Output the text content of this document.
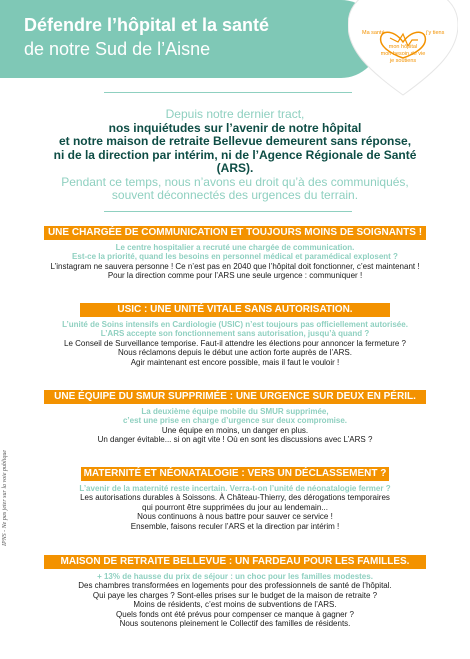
Défendre l’hôpital et la santé
de notre Sud de l’Aisne
Ma santé	j’y tiens
mon hôpital
mon besoin de vie
je soutiens
Depuis notre dernier tract,
nos inquiétudes sur l’avenir de notre hôpital
et notre maison de retraite Bellevue demeurent sans réponse,
ni de la direction par intérim, ni de l’Agence Régionale de Santé (ARS).
Pendant ce temps, nous n’avons eu droit qu’à des communiqués,
souvent déconnectés des urgences du terrain.
UNE CHARGÉE DE COMMUNICATION ET TOUJOURS MOINS DE SOIGNANTS !
Le centre hospitalier a recruté une chargée de communication.
Est-ce la priorité, quand les besoins en personnel médical et paramédical explosent ?
L’instagram ne sauvera personne ! Ce n’est pas en 2040 que l’hôpital doit fonctionner, c’est maintenant !
Pour la direction comme pour l’ARS une seule urgence : communiquer !
USIC : UNE UNITÉ VITALE SANS AUTORISATION.
L’unité de Soins intensifs en Cardiologie (USIC) n’est toujours pas officiellement autorisée.
L’ARS accepte son fonctionnement sans autorisation, jusqu’à quand ?
Le Conseil de Surveillance temporise. Faut-il attendre les élections pour annoncer la fermeture ?
Nous réclamons depuis le début une action forte auprès de l’ARS.
Agir maintenant est encore possible, mais il faut le vouloir !
UNE ÉQUIPE DU SMUR SUPPRIMÉE : UNE URGENCE SUR DEUX EN PÉRIL.
La deuxième équipe mobile du SMUR supprimée,
c’est une prise en charge d’urgence sur deux compromise.
Une équipe en moins, un danger en plus.
Un danger évitable... si on agit vite ! Où en sont les discussions avec L’ARS ?
MATERNITÉ ET NÉONATALOGIE : VERS UN DÉCLASSEMENT ?
L’avenir de la maternité reste incertain. Verra-t-on l’unité de néonatalogie fermer ?
Les autorisations durables à Soissons. À Château-Thierry, des dérogations temporaires
qui pourront être supprimées du jour au lendemain...
Nous continuons à nous battre pour sauver ce service !
Ensemble, faisons reculer l’ARS et la direction par intérim !
MAISON DE RETRAITE BELLEVUE : UN FARDEAU POUR LES FAMILLES.
+ 13% de hausse du prix de séjour : un choc pour les familles modestes.
Des chambres transformées en logements pour des professionnels de santé de l’hôpital.
Qui paye les charges ? Sont-elles prises sur le budget de la maison de retraite ?
Moins de résidents, c’est moins de subventions de l’ARS.
Quels fonds ont été prévus pour compenser ce manque à gagner ?
Nous soutenons pleinement le Collectif des familles de résidents.
IPNS - Ne pas jeter sur la voie publique
